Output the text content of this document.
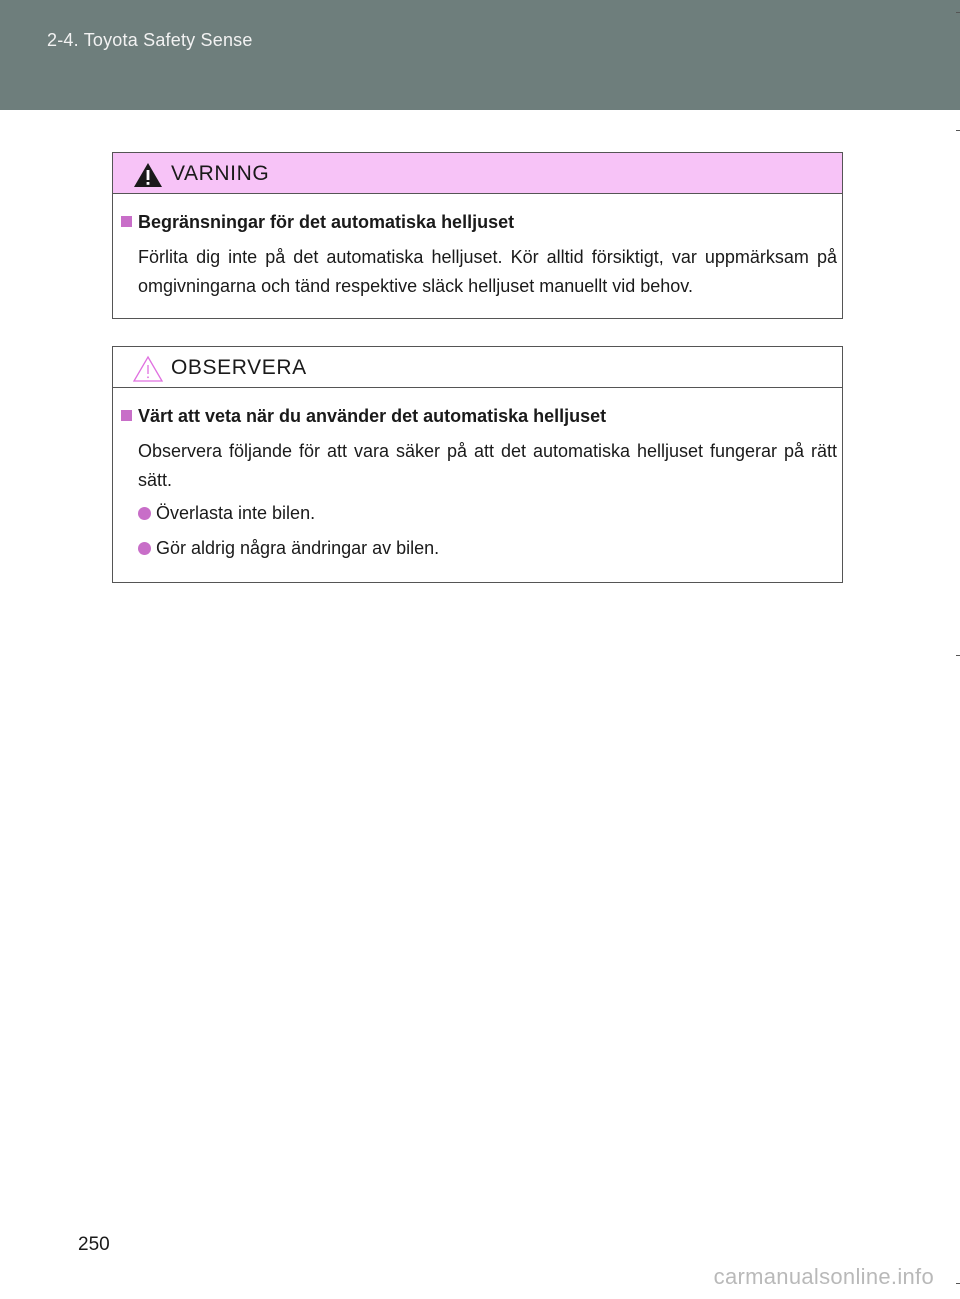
2-4. Toyota Safety Sense
VARNING
Begränsningar för det automatiska helljuset
Förlita dig inte på det automatiska helljuset. Kör alltid försiktigt, var uppmärksam på omgivningarna och tänd respektive släck helljuset manuellt vid behov.
OBSERVERA
Värt att veta när du använder det automatiska helljuset
Observera följande för att vara säker på att det automatiska helljuset fungerar på rätt sätt.
Överlasta inte bilen.
Gör aldrig några ändringar av bilen.
250
carmanualsonline.info
